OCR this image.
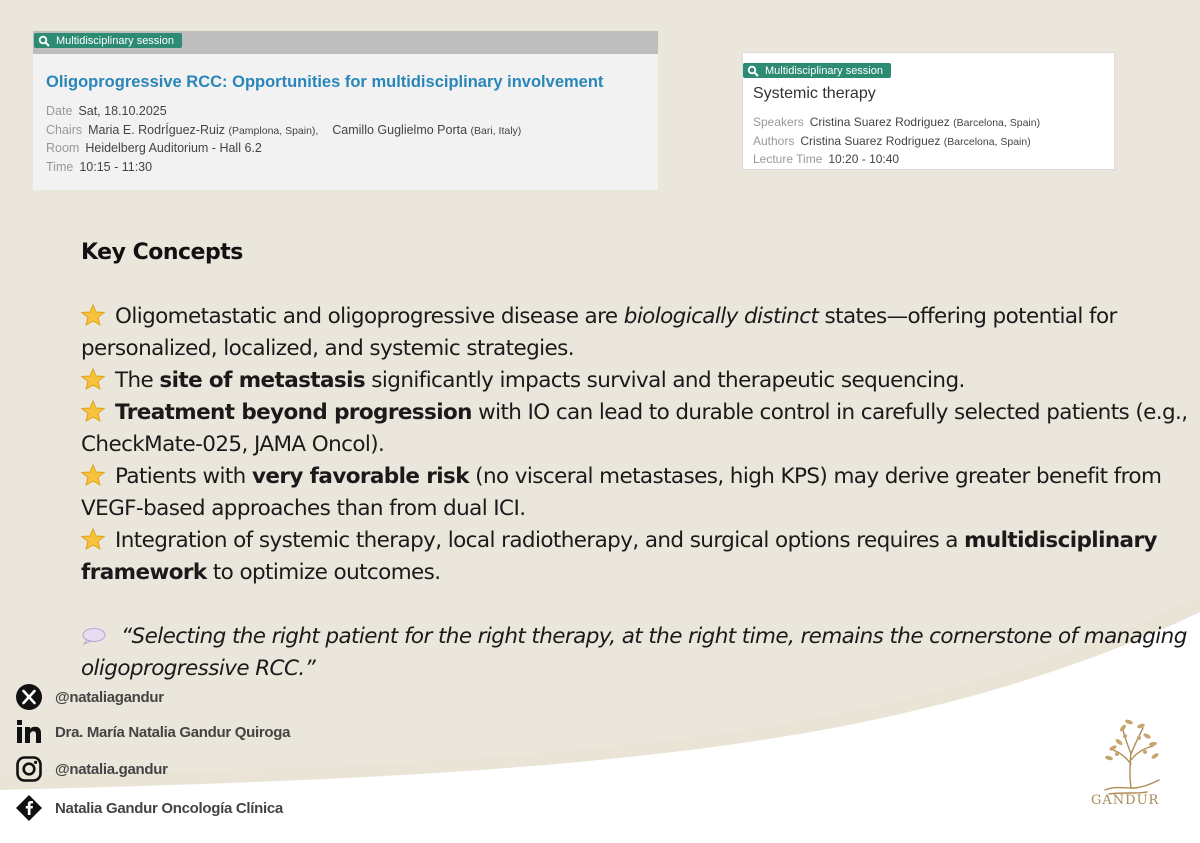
Multidisciplinary session
Oligoprogressive RCC: Opportunities for multidisciplinary involvement
Date Sat, 18.10.2025
Chairs Maria E. RodrÍguez-Ruiz (Pamplona, Spain), Camillo Guglielmo Porta (Bari, Italy)
Room Heidelberg Auditorium - Hall 6.2
Time 10:15 - 11:30
Multidisciplinary session
Systemic therapy
Speakers Cristina Suarez Rodriguez (Barcelona, Spain)
Authors Cristina Suarez Rodriguez (Barcelona, Spain)
Lecture Time 10:20 - 10:40
Key Concepts
Oligometastatic and oligoprogressive disease are biologically distinct states—offering potential for personalized, localized, and systemic strategies.
The site of metastasis significantly impacts survival and therapeutic sequencing.
Treatment beyond progression with IO can lead to durable control in carefully selected patients (e.g., CheckMate-025, JAMA Oncol).
Patients with very favorable risk (no visceral metastases, high KPS) may derive greater benefit from VEGF-based approaches than from dual ICI.
Integration of systemic therapy, local radiotherapy, and surgical options requires a multidisciplinary framework to optimize outcomes.
“Selecting the right patient for the right therapy, at the right time, remains the cornerstone of managing oligoprogressive RCC.”
@nataliagandur
Dra. María Natalia Gandur Quiroga
@natalia.gandur
Natalia Gandur Oncología Clínica	GANDUR
